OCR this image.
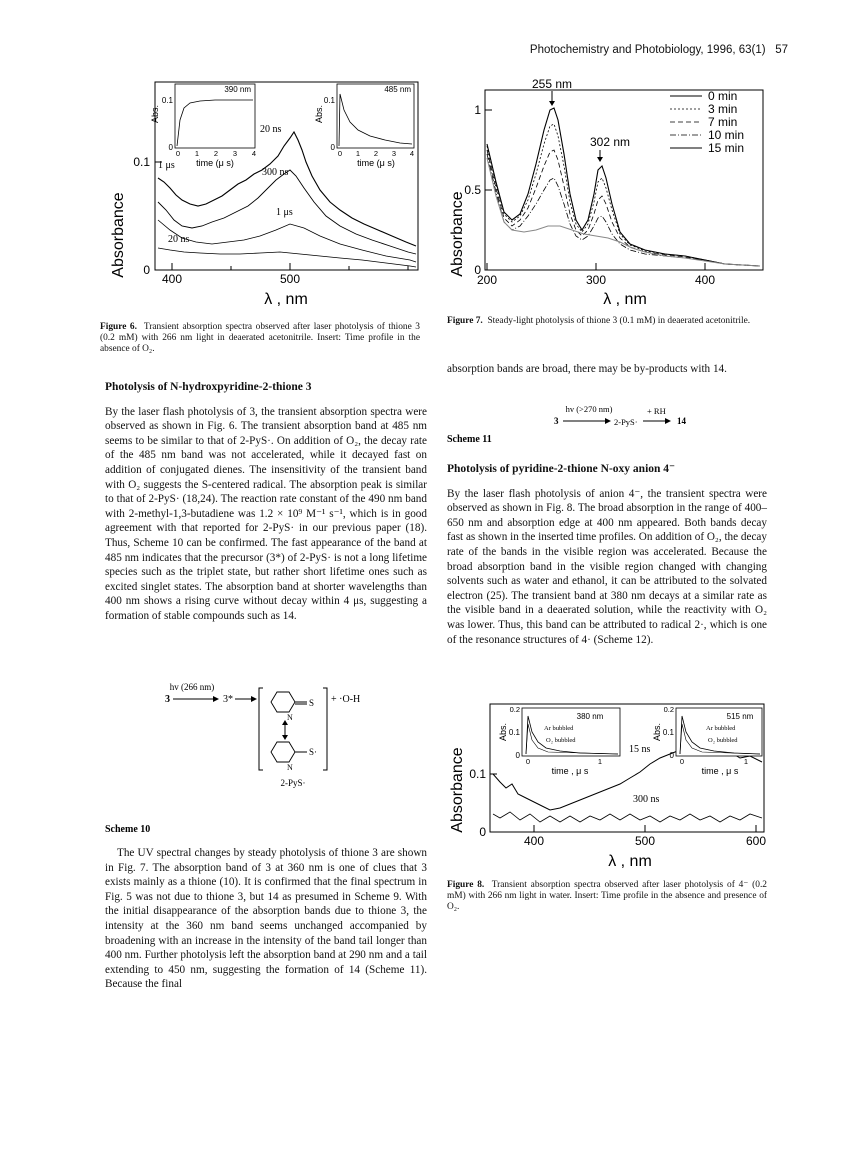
Photochemistry and Photobiology, 1996, 63(1) 57
Absorbance
0.1
0
400	500
λ , nm
20 ns
300 ns
1 μs
1 μs
20 ns
390 nm
Abs.
0.1
0
0 1 2 3 4
time (μ s)
485 nm
Abs.
0.1
0
0 1 2 3 4
time (μ s)
Figure 6. Transient absorption spectra observed after laser photolysis of thione 3 (0.2 mM) with 266 nm light in deaerated acetonitrile. Insert: Time profile in the absence of O₂.
Absorbance
1
0.5
0
200	300	400
λ , nm
255 nm
302 nm
0 min
3 min
7 min
10 min
15 min
Figure 7. Steady-light photolysis of thione 3 (0.1 mM) in deaerated acetonitrile.
Photolysis of N-hydroxpyridine-2-thione 3

By the laser flash photolysis of 3, the transient absorption spectra were observed as shown in Fig. 6. The transient absorption band at 485 nm seems to be similar to that of 2-PyS·. On addition of O₂, the decay rate of the 485 nm band was not accelerated, while it decayed fast on addition of conjugated dienes. The insensitivity of the transient band with O₂ suggests the S-centered radical. The absorption peak is similar to that of 2-PyS· (18,24). The reaction rate constant of the 490 nm band with 2-methyl-1,3-butadiene was 1.2 × 10⁹ M⁻¹ s⁻¹, which is in good agreement with that reported for 2-PyS· in our previous paper (18). Thus, Scheme 10 can be confirmed. The fast appearance of the band at 485 nm indicates that the precursor (3*) of 2-PyS· is not a long lifetime species such as the triplet state, but rather short lifetime ones such as excited singlet states. The absorption band at shorter wavelengths than 400 nm shows a rising curve without decay within 4 μs, suggesting a formation of stable compounds such as 14.

hv (266 nm)
3	3*	S
N
+ ·O-H
S·
N
2-PyS·
Scheme 10

The UV spectral changes by steady photolysis of thione 3 are shown in Fig. 7. The absorption band of 3 at 360 nm is one of clues that 3 exists mainly as a thione (10). It is confirmed that the final spectrum in Fig. 5 was not due to thione 3, but 14 as presumed in Scheme 9. With the initial disappearance of the absorption bands due to thione 3, the intensity at the 360 nm band seems unchanged accompanied by broadening with an increase in the intensity of the band tail longer than 400 nm. Further photolysis left the absorption band at 290 nm and a tail extending to 450 nm, suggesting the formation of 14 (Scheme 11). Because the final

absorption bands are broad, there may be by-products with 14.

hv (>270 nm)
3	2-PyS·
+ RH
14
Scheme 11
Photolysis of pyridine-2-thione N-oxy anion 4⁻

By the laser flash photolysis of anion 4⁻, the transient spectra were observed as shown in Fig. 8. The broad absorption in the range of 400–650 nm and absorption edge at 400 nm appeared. Both bands decay fast as shown in the inserted time profiles. On addition of O₂, the decay rate of the bands in the visible region was accelerated. Because the broad absorption band in the visible region changed with changing solvents such as water and ethanol, it can be attributed to the solvated electron (25). The transient band at 380 nm decays at a similar rate as the visible band in a deaerated solution, while the reactivity with O₂ was lower. Thus, this band can be attributed to radical 2·, which is one of the resonance structures of 4· (Scheme 12).

Absorbance 0.1
0
400	500	600
λ , nm
15 ns
300 ns
380 nm
0.2
0.1
0
Abs.	Ar bubbled
O₂ bubbled
0	1
time , μ s
515 nm
0.2
0.1
0
Abs.	Ar bubbled
O₂ bubbled
0	1
time , μ s
Figure 8. Transient absorption spectra observed after laser photolysis of 4⁻ (0.2 mM) with 266 nm light in water. Insert: Time profile in the absence and presence of O₂.
